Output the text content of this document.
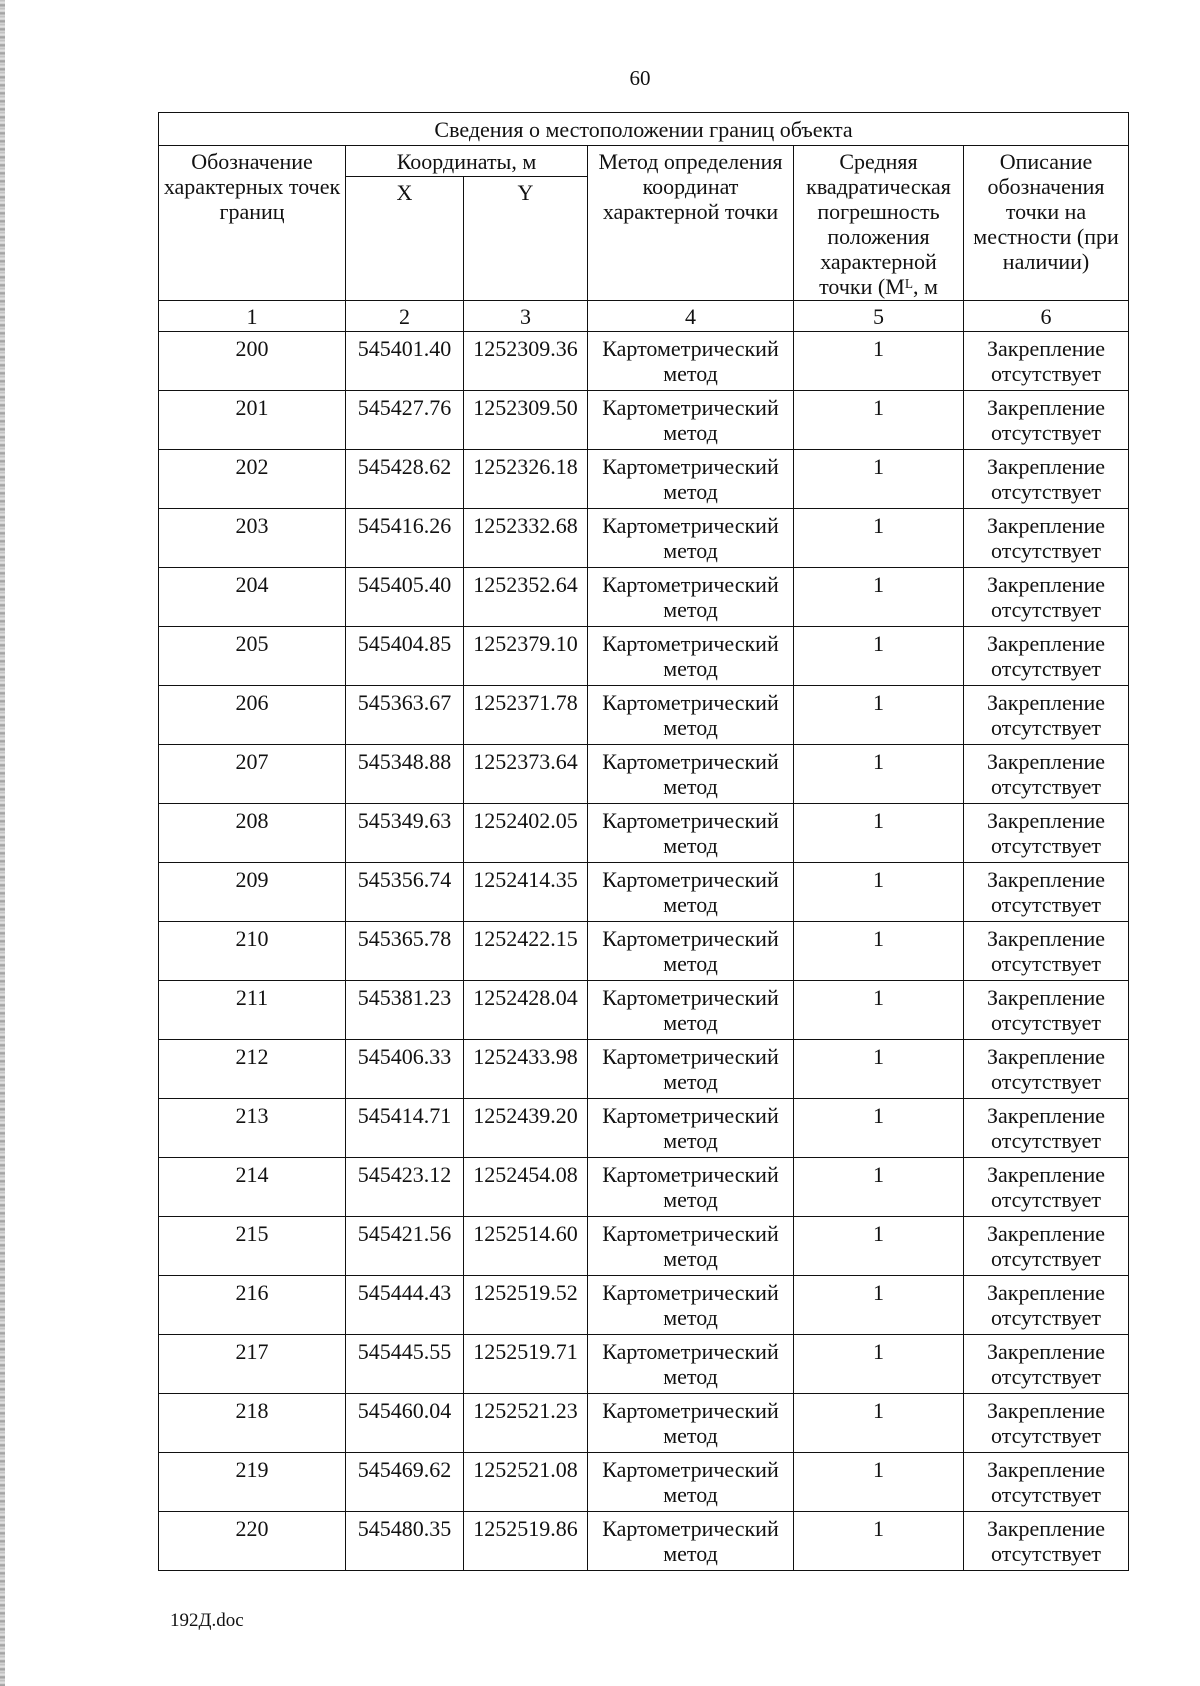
60
Сведения о местоположении границ объекта					
Обозначение характерных точек границ	Координаты, м		Метод определения координат характерной точки	Средняя квадратическая погрешность положения характерной точки (Мᴸ, м	Описание обозначения точки на местности (при наличии)
	X	Y			
1	2	3	4	5	6
200	545401.40	1252309.36	Картометрический метод	1	Закрепление отсутствует
201	545427.76	1252309.50	Картометрический метод	1	Закрепление отсутствует
202	545428.62	1252326.18	Картометрический метод	1	Закрепление отсутствует
203	545416.26	1252332.68	Картометрический метод	1	Закрепление отсутствует
204	545405.40	1252352.64	Картометрический метод	1	Закрепление отсутствует
205	545404.85	1252379.10	Картометрический метод	1	Закрепление отсутствует
206	545363.67	1252371.78	Картометрический метод	1	Закрепление отсутствует
207	545348.88	1252373.64	Картометрический метод	1	Закрепление отсутствует
208	545349.63	1252402.05	Картометрический метод	1	Закрепление отсутствует
209	545356.74	1252414.35	Картометрический метод	1	Закрепление отсутствует
210	545365.78	1252422.15	Картометрический метод	1	Закрепление отсутствует
211	545381.23	1252428.04	Картометрический метод	1	Закрепление отсутствует
212	545406.33	1252433.98	Картометрический метод	1	Закрепление отсутствует
213	545414.71	1252439.20	Картометрический метод	1	Закрепление отсутствует
214	545423.12	1252454.08	Картометрический метод	1	Закрепление отсутствует
215	545421.56	1252514.60	Картометрический метод	1	Закрепление отсутствует
216	545444.43	1252519.52	Картометрический метод	1	Закрепление отсутствует
217	545445.55	1252519.71	Картометрический метод	1	Закрепление отсутствует
218	545460.04	1252521.23	Картометрический метод	1	Закрепление отсутствует
219	545469.62	1252521.08	Картометрический метод	1	Закрепление отсутствует
220	545480.35	1252519.86	Картометрический метод	1	Закрепление отсутствует
192Д.doc
